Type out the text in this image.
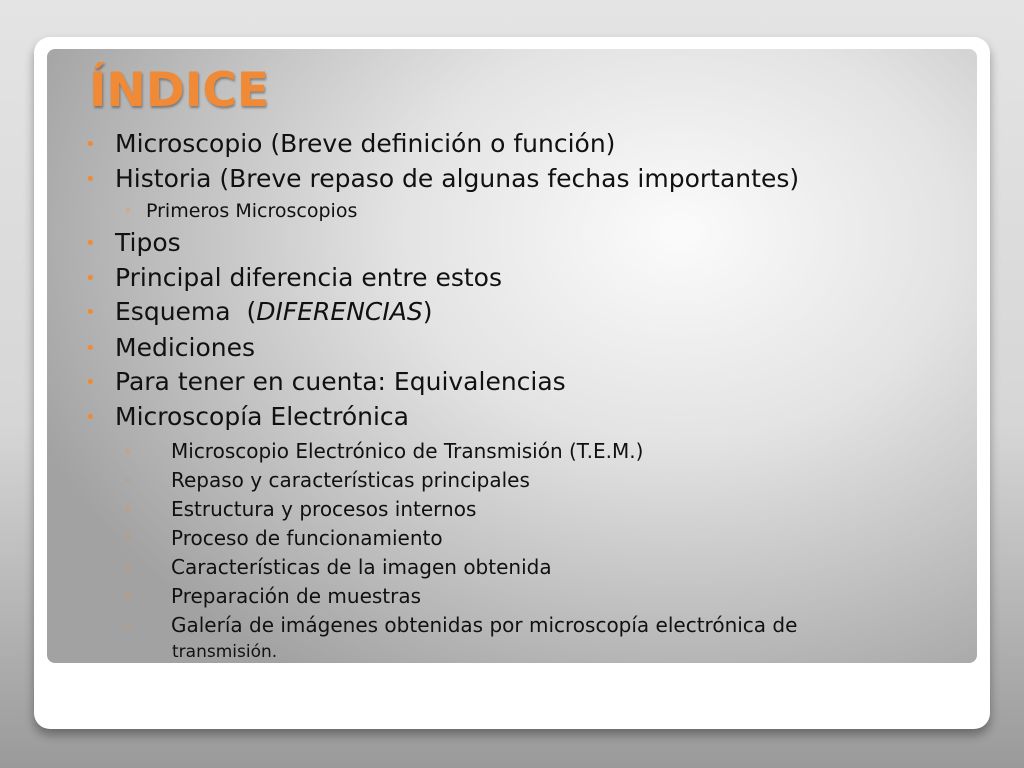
ÍNDICE
• Microscopio (Breve definición o función)
• Historia (Breve repaso de algunas fechas importantes)
◦ Primeros Microscopios
• Tipos
• Principal diferencia entre estos
• Esquema  (DIFERENCIAS)
• Mediciones
• Para tener en cuenta: Equivalencias
• Microscopía Electrónica
◦ Microscopio Electrónico de Transmisión (T.E.M.)
◦ Repaso y características principales
◦ Estructura y procesos internos
◦ Proceso de funcionamiento
◦ Características de la imagen obtenida
◦ Preparación de muestras
◦ Galería de imágenes obtenidas por microscopía electrónica de
transmisión.
